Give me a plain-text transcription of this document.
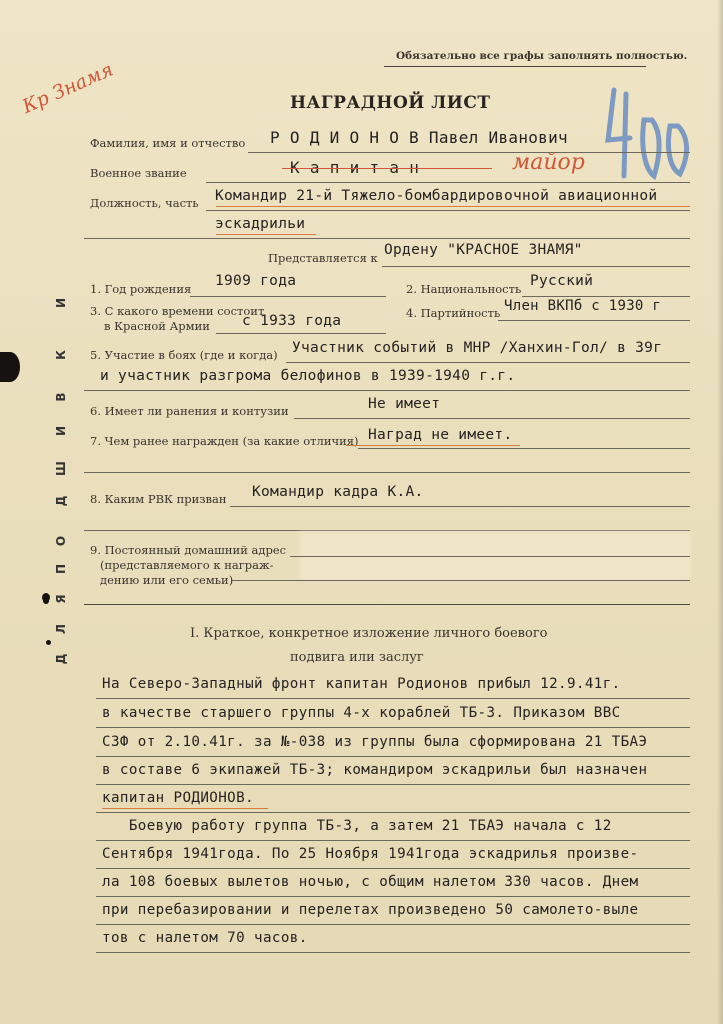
Обязательно все графы заполнять полностью.
Кр Знамя	НАГРАДНОЙ ЛИСТ
Фамилия, имя и отчество Р О Д И О Н О В Павел Иванович
Военное звание	К а п и т а н	майор
Должность, часть Командир 21-й Тяжело-бомбардировочной авиационной
эскадрильи
Представляется к Ордену "КРАСНОЕ ЗНАМЯ"
1. Год рождения 1909 года	2. Национальность Русский
3. С какого времени состоит
в Красной Армии с 1933 года	4. Партийность Член ВКПб с 1930 г
5. Участие в боях (где и когда) Участник событий в МНР /Ханхин-Гол/ в 39г
и участник разгрома белофинов в 1939-1940 г.г.
6. Имеет ли ранения и контузии	Не имеет
7. Чем ранее награжден (за какие отличия) Наград не имеет.
8. Каким РВК призван Командир кадра К.А.
9. Постоянный домашний адрес
(представляемого к награж-
дению или его семьи)
Д
Л
Я
П
О
Д
Ш
И
В
К
И
I. Краткое, конкретное изложение личного боевого
подвига или заслуг
На Северо-Западный фронт капитан Родионов прибыл 12.9.41г.
в качестве старшего группы 4-х кораблей ТБ-3. Приказом ВВС
СЗФ от 2.10.41г. за №-038 из группы была сформирована 21 ТБАЭ
в составе 6 экипажей ТБ-3; командиром эскадрильи был назначен
капитан РОДИОНОВ.
Боевую работу группа ТБ-3, а затем 21 ТБАЭ начала с 12
Сентября 1941года. По 25 Ноября 1941года эскадрилья произве-
ла 108 боевых вылетов ночью, с общим налетом 330 часов. Днем
при перебазировании и перелетах произведено 50 самолето-выле
тов с налетом 70 часов.
